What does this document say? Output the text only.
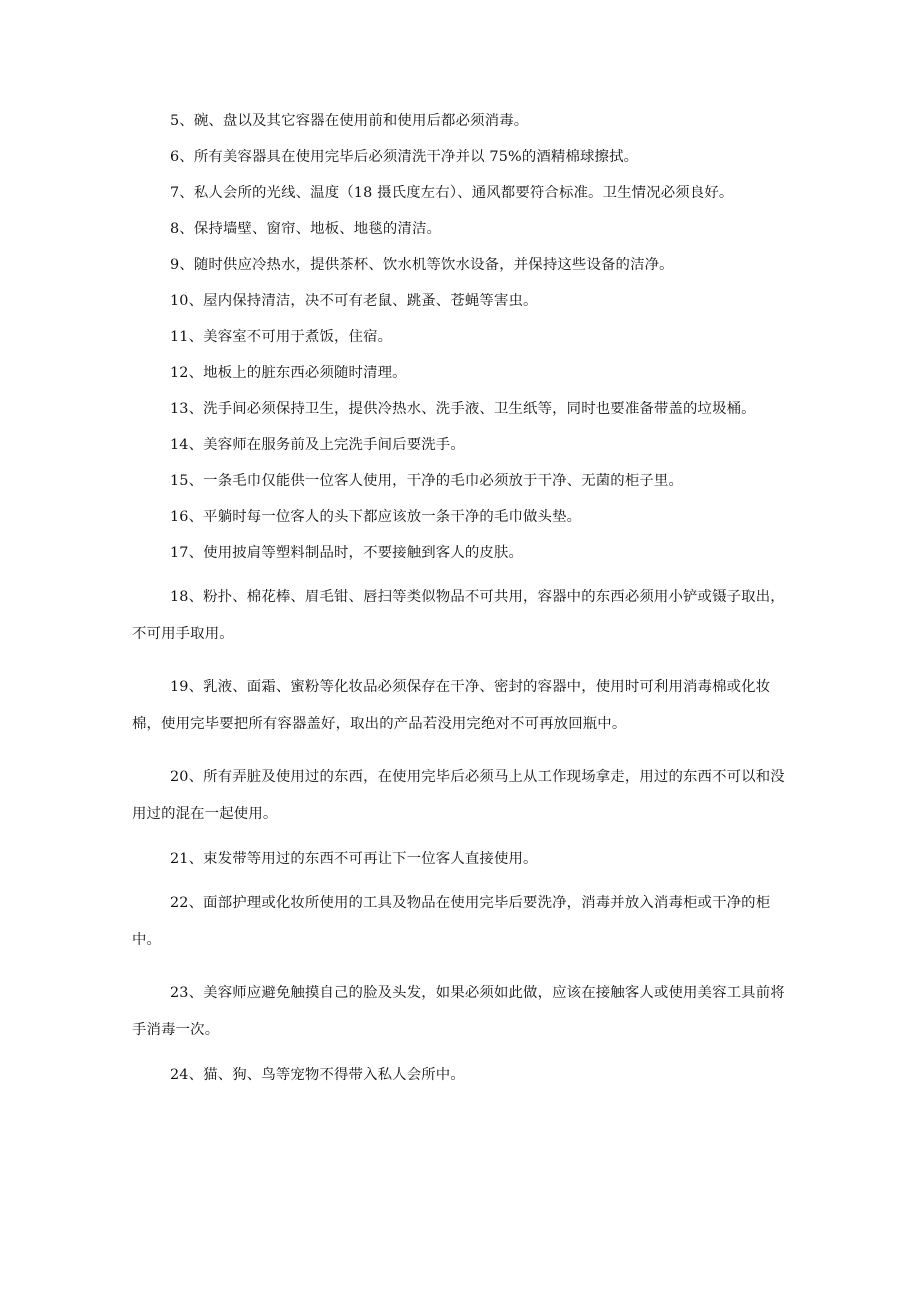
5、碗、盘以及其它容器在使用前和使用后都必须消毒。

6、所有美容器具在使用完毕后必须清洗干净并以 75%的酒精棉球擦拭。

7、私人会所的光线、温度（18 摄氏度左右）、通风都要符合标准。卫生情况必须良好。

8、保持墙壁、窗帘、地板、地毯的清洁。

9、随时供应冷热水，提供茶杯、饮水机等饮水设备，并保持这些设备的洁净。

10、屋内保持清洁，决不可有老鼠、跳蚤、苍蝇等害虫。

11、美容室不可用于煮饭，住宿。

12、地板上的脏东西必须随时清理。

13、洗手间必须保持卫生，提供冷热水、洗手液、卫生纸等，同时也要准备带盖的垃圾桶。

14、美容师在服务前及上完洗手间后要洗手。

15、一条毛巾仅能供一位客人使用，干净的毛巾必须放于干净、无菌的柜子里。

16、平躺时每一位客人的头下都应该放一条干净的毛巾做头垫。

17、使用披肩等塑料制品时，不要接触到客人的皮肤。

18、粉扑、棉花棒、眉毛钳、唇扫等类似物品不可共用，容器中的东西必须用小铲或镊子取出，不可用手取用。

19、乳液、面霜、蜜粉等化妆品必须保存在干净、密封的容器中，使用时可利用消毒棉或化妆棉，使用完毕要把所有容器盖好，取出的产品若没用完绝对不可再放回瓶中。

20、所有弄脏及使用过的东西，在使用完毕后必须马上从工作现场拿走，用过的东西不可以和没用过的混在一起使用。

21、束发带等用过的东西不可再让下一位客人直接使用。

22、面部护理或化妆所使用的工具及物品在使用完毕后要洗净，消毒并放入消毒柜或干净的柜中。

23、美容师应避免触摸自己的脸及头发，如果必须如此做，应该在接触客人或使用美容工具前将手消毒一次。

24、猫、狗、鸟等宠物不得带入私人会所中。
